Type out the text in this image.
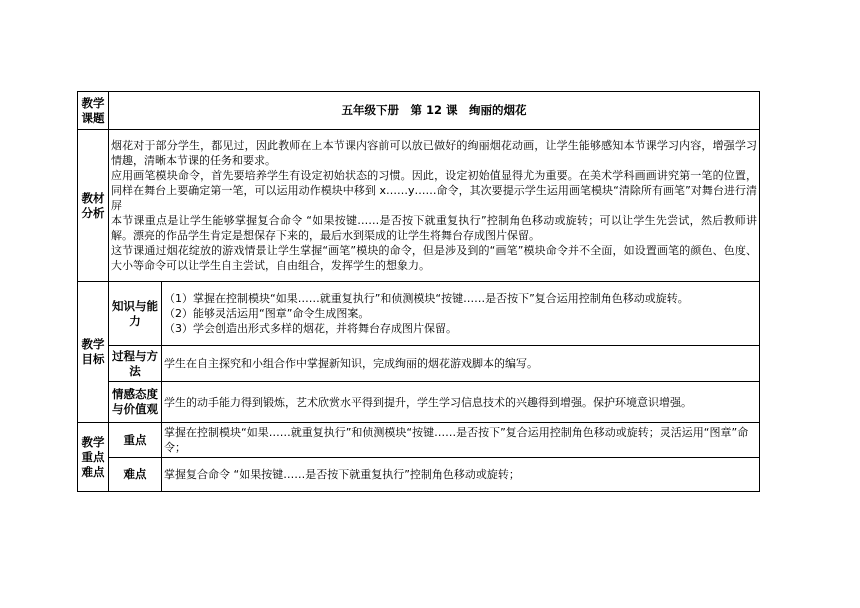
教学课题	五年级下册　第 12 课　绚丽的烟花	
教材分析	烟花对于部分学生，都见过，因此教师在上本节课内容前可以放已做好的绚丽烟花动画，让学生能够感知本节课学习内容，增强学习情趣，清晰本节课的任务和要求。

应用画笔模块命令，首先要培养学生有设定初始状态的习惯。因此，设定初始值显得尤为重要。在美术学科画画讲究第一笔的位置，同样在舞台上要确定第一笔，可以运用动作模块中移到 x……y……命令，其次要提示学生运用画笔模块“清除所有画笔”对舞台进行清屏

本节课重点是让学生能够掌握复合命令 “如果按键……是否按下就重复执行”控制角色移动或旋转；可以让学生先尝试，然后教师讲解。漂亮的作品学生肯定是想保存下来的，最后水到渠成的让学生将舞台存成图片保留。

这节课通过烟花绽放的游戏情景让学生掌握“画笔”模块的命令，但是涉及到的“画笔”模块命令并不全面，如设置画笔的颜色、色度、大小等命令可以让学生自主尝试，自由组合，发挥学生的想象力。	

教学目标	知识与能力	（1）掌握在控制模块“如果……就重复执行”和侦测模块“按键……是否按下”复合运用控制角色移动或旋转。

（2）能够灵活运用“图章”命令生成图案。

（3）学会创造出形式多样的烟花，并将舞台存成图片保留。

	过程与方法	学生在自主探究和小组合作中掌握新知识，完成绚丽的烟花游戏脚本的编写。
	情感态度与价值观	学生的动手能力得到锻炼，艺术欣赏水平得到提升，学生学习信息技术的兴趣得到增强。保护环境意识增强。
教学重点难点	重点	掌握在控制模块“如果……就重复执行”和侦测模块“按键……是否按下”复合运用控制角色移动或旋转；灵活运用“图章”命令；
	难点	掌握复合命令 “如果按键……是否按下就重复执行”控制角色移动或旋转；
